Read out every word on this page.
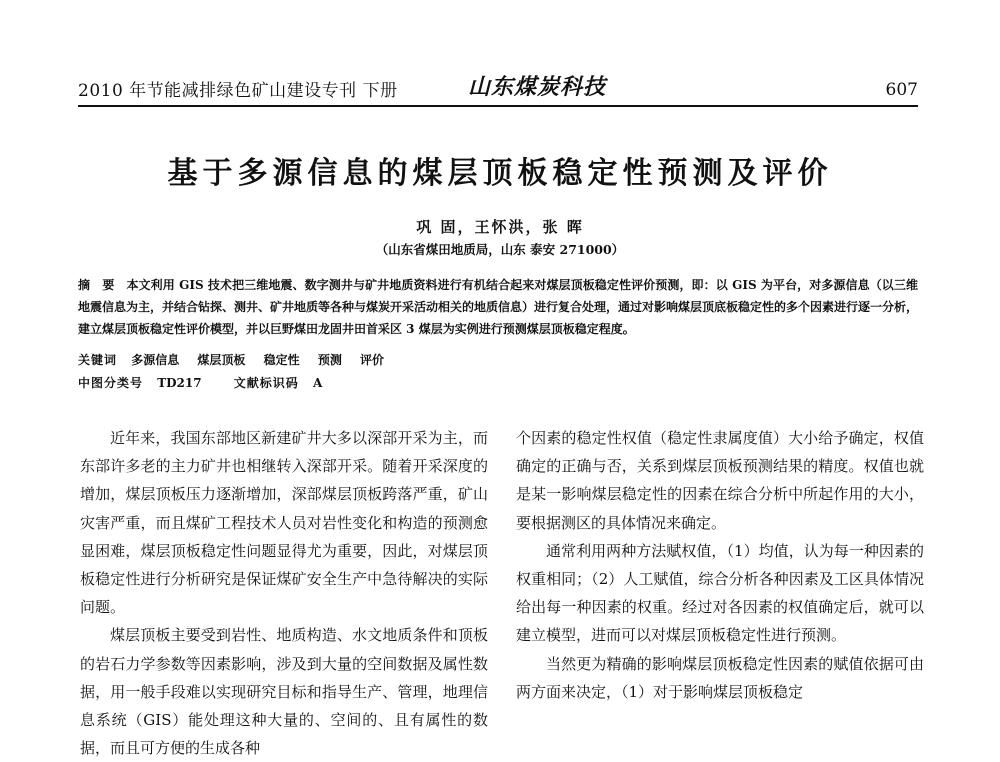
2010 年节能减排绿色矿山建设专刊 下册	山东煤炭科技	607
基于多源信息的煤层顶板稳定性预测及评价
巩 固，王怀洪，张 晖
（山东省煤田地质局，山东 泰安 271000）
摘 要 本文利用 GIS 技术把三维地震、数字测井与矿井地质资料进行有机结合起来对煤层顶板稳定性评价预测，即：以 GIS 为平台，对多源信息（以三维地震信息为主，并结合钻探、测井、矿井地质等各种与煤炭开采活动相关的地质信息）进行复合处理，通过对影响煤层顶底板稳定性的多个因素进行逐一分析，建立煤层顶板稳定性评价模型，并以巨野煤田龙固井田首采区 3 煤层为实例进行预测煤层顶板稳定程度。
关键词 多源信息 煤层顶板 稳定性 预测 评价
中图分类号 TD217	文献标识码 A

近年来，我国东部地区新建矿井大多以深部开采为主，而东部许多老的主力矿井也相继转入深部开采。随着开采深度的增加，煤层顶板压力逐渐增加，深部煤层顶板跨落严重，矿山灾害严重，而且煤矿工程技术人员对岩性变化和构造的预测愈显困难，煤层顶板稳定性问题显得尤为重要，因此，对煤层顶板稳定性进行分析研究是保证煤矿安全生产中急待解决的实际问题。

煤层顶板主要受到岩性、地质构造、水文地质条件和顶板的岩石力学参数等因素影响，涉及到大量的空间数据及属性数据，用一般手段难以实现研究目标和指导生产、管理，地理信息系统（GIS）能处理这种大量的、空间的、且有属性的数据，而且可方便的生成各种

个因素的稳定性权值（稳定性隶属度值）大小给予确定，权值确定的正确与否，关系到煤层顶板预测结果的精度。权值也就是某一影响煤层稳定性的因素在综合分析中所起作用的大小，要根据测区的具体情况来确定。

通常利用两种方法赋权值，（1）均值，认为每一种因素的权重相同；（2）人工赋值，综合分析各种因素及工区具体情况给出每一种因素的权重。经过对各因素的权值确定后，就可以建立模型，进而可以对煤层顶板稳定性进行预测。

当然更为精确的影响煤层顶板稳定性因素的赋值依据可由两方面来决定，（1）对于影响煤层顶板稳定
